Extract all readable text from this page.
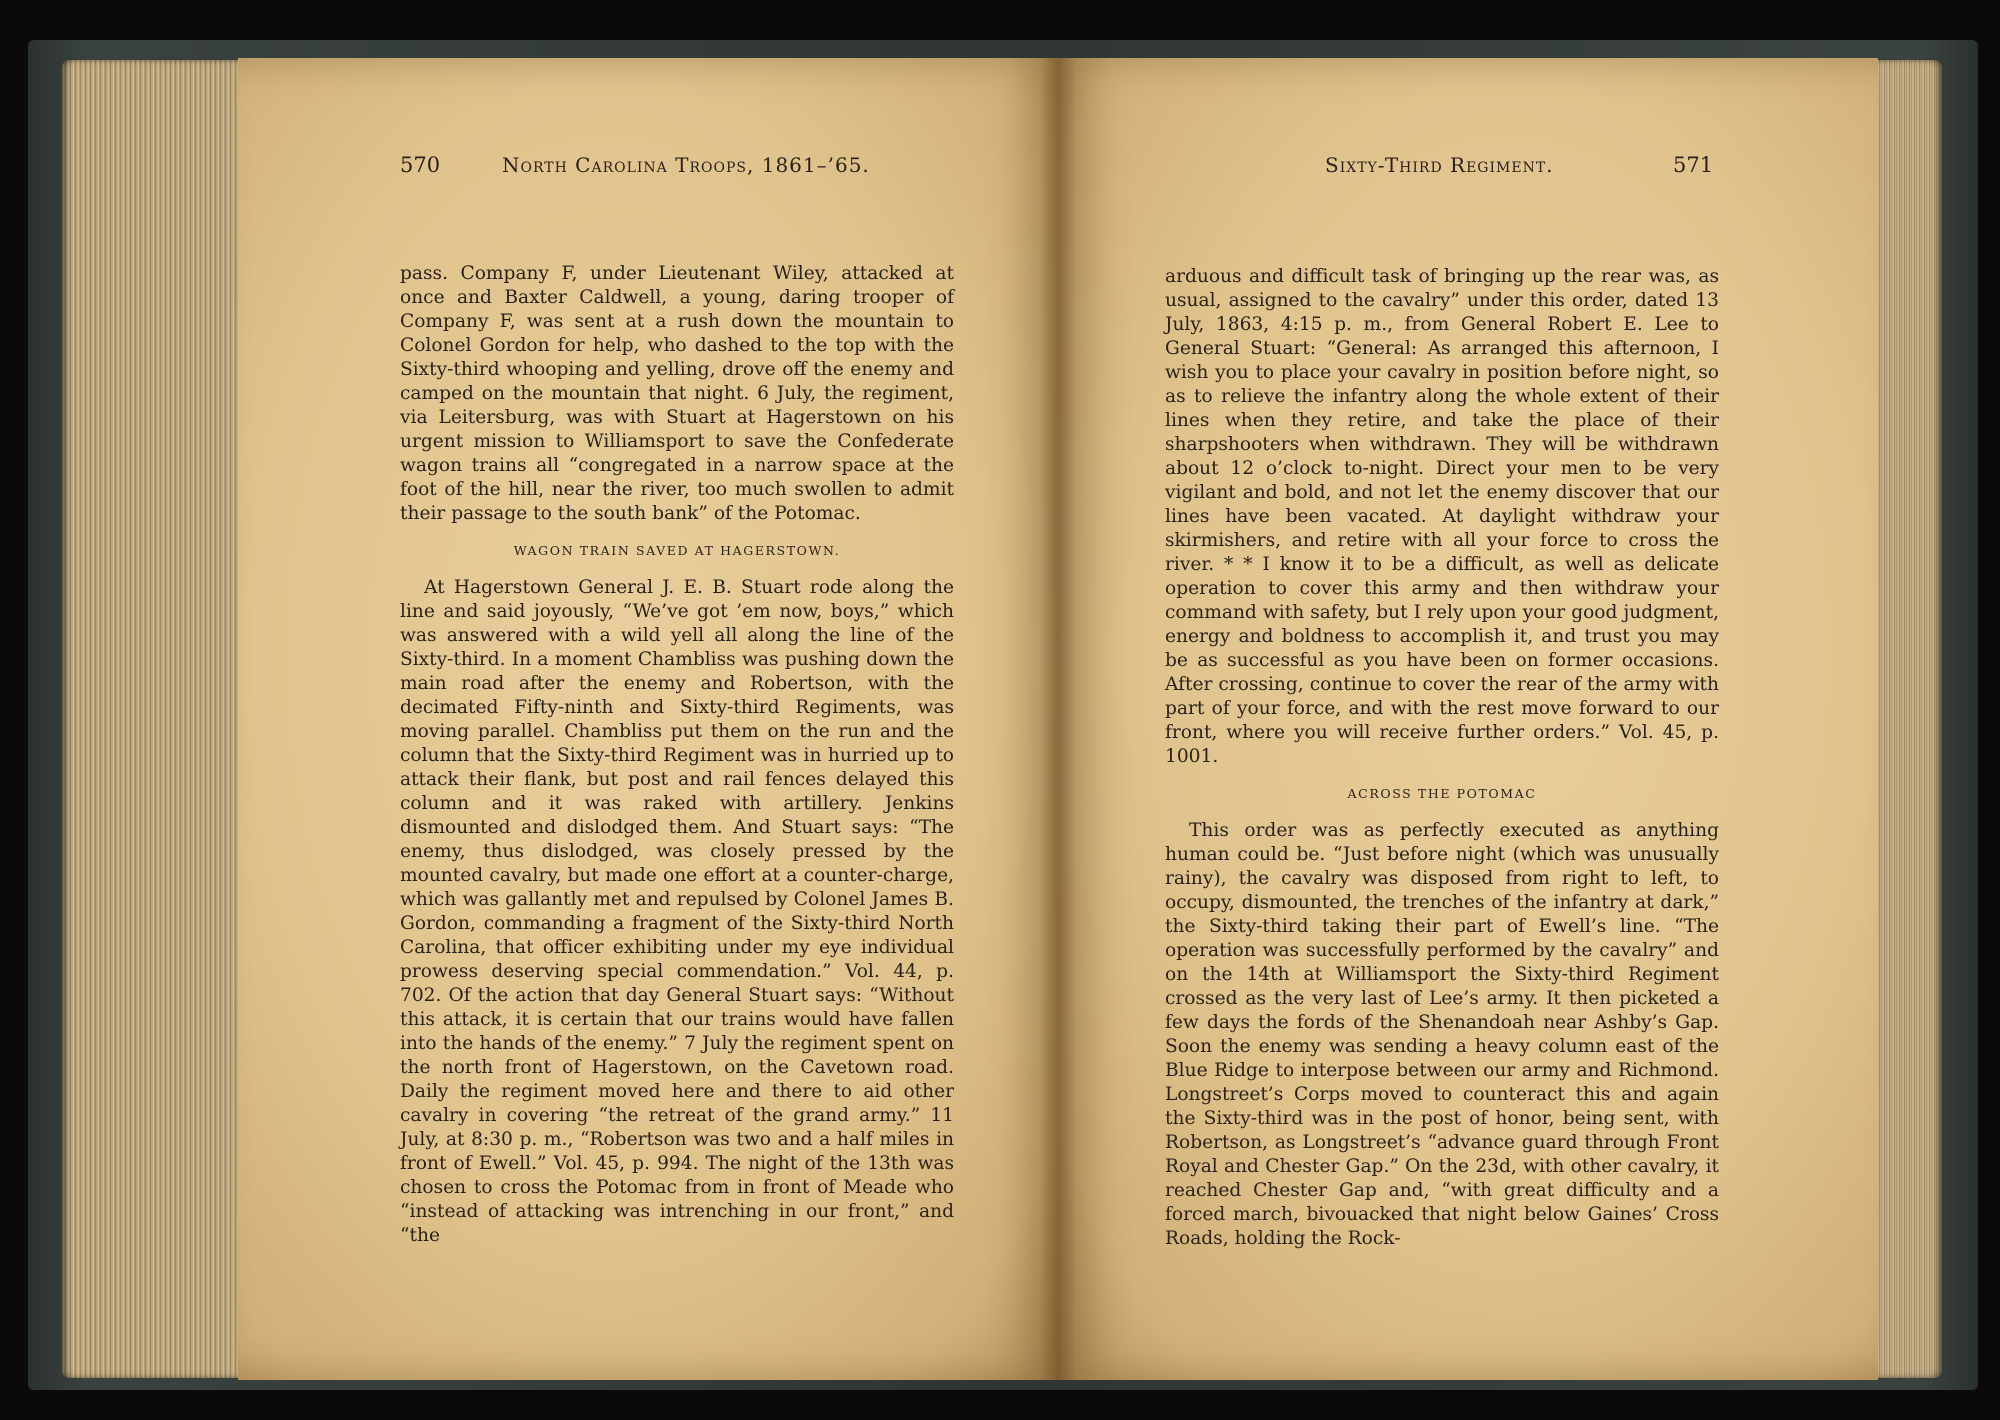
570	North Carolina Troops, 1861–’65.

pass. Company F, under Lieutenant Wiley, attacked at once and Baxter Caldwell, a young, daring trooper of Company F, was sent at a rush down the mountain to Colonel Gordon for help, who dashed to the top with the Sixty-third whooping and yelling, drove off the enemy and camped on the mountain that night. 6 July, the regiment, via Leitersburg, was with Stuart at Hagerstown on his urgent mission to Williamsport to save the Confederate wagon trains all “congregated in a narrow space at the foot of the hill, near the river, too much swollen to admit their passage to the south bank” of the Potomac.

WAGON TRAIN SAVED AT HAGERSTOWN.

At Hagerstown General J. E. B. Stuart rode along the line and said joyously, “We’ve got ’em now, boys,” which was answered with a wild yell all along the line of the Sixty-third. In a moment Chambliss was pushing down the main road after the enemy and Robertson, with the decimated Fifty-ninth and Sixty-third Regiments, was moving parallel. Chambliss put them on the run and the column that the Sixty-third Regiment was in hurried up to attack their flank, but post and rail fences delayed this column and it was raked with artillery. Jenkins dismounted and dislodged them. And Stuart says: “The enemy, thus dislodged, was closely pressed by the mounted cavalry, but made one effort at a counter-charge, which was gallantly met and repulsed by Colonel James B. Gordon, commanding a fragment of the Sixty-third North Carolina, that officer exhibiting under my eye individual prowess deserving special commendation.” Vol. 44, p. 702. Of the action that day General Stuart says: “Without this attack, it is certain that our trains would have fallen into the hands of the enemy.” 7 July the regiment spent on the north front of Hagerstown, on the Cavetown road. Daily the regiment moved here and there to aid other cavalry in covering “the retreat of the grand army.” 11 July, at 8:30 p. m., “Robertson was two and a half miles in front of Ewell.” Vol. 45, p. 994. The night of the 13th was chosen to cross the Potomac from in front of Meade who “instead of attacking was intrenching in our front,” and “the

Sixty-Third Regiment.	571

arduous and difficult task of bringing up the rear was, as usual, assigned to the cavalry” under this order, dated 13 July, 1863, 4:15 p. m., from General Robert E. Lee to General Stuart: “General: As arranged this afternoon, I wish you to place your cavalry in position before night, so as to relieve the infantry along the whole extent of their lines when they retire, and take the place of their sharpshooters when withdrawn. They will be withdrawn about 12 o’clock to-night. Direct your men to be very vigilant and bold, and not let the enemy discover that our lines have been vacated. At daylight withdraw your skirmishers, and retire with all your force to cross the river. * * I know it to be a difficult, as well as delicate operation to cover this army and then withdraw your command with safety, but I rely upon your good judgment, energy and boldness to accomplish it, and trust you may be as successful as you have been on former occasions. After crossing, continue to cover the rear of the army with part of your force, and with the rest move forward to our front, where you will receive further orders.” Vol. 45, p. 1001.

ACROSS THE POTOMAC

This order was as perfectly executed as anything human could be. “Just before night (which was unusually rainy), the cavalry was disposed from right to left, to occupy, dismounted, the trenches of the infantry at dark,” the Sixty-third taking their part of Ewell’s line. “The operation was successfully performed by the cavalry” and on the 14th at Williamsport the Sixty-third Regiment crossed as the very last of Lee’s army. It then picketed a few days the fords of the Shenandoah near Ashby’s Gap. Soon the enemy was sending a heavy column east of the Blue Ridge to interpose between our army and Richmond. Longstreet’s Corps moved to counteract this and again the Sixty-third was in the post of honor, being sent, with Robertson, as Longstreet’s “advance guard through Front Royal and Chester Gap.” On the 23d, with other cavalry, it reached Chester Gap and, “with great difficulty and a forced march, bivouacked that night below Gaines’ Cross Roads, holding the Rock-
